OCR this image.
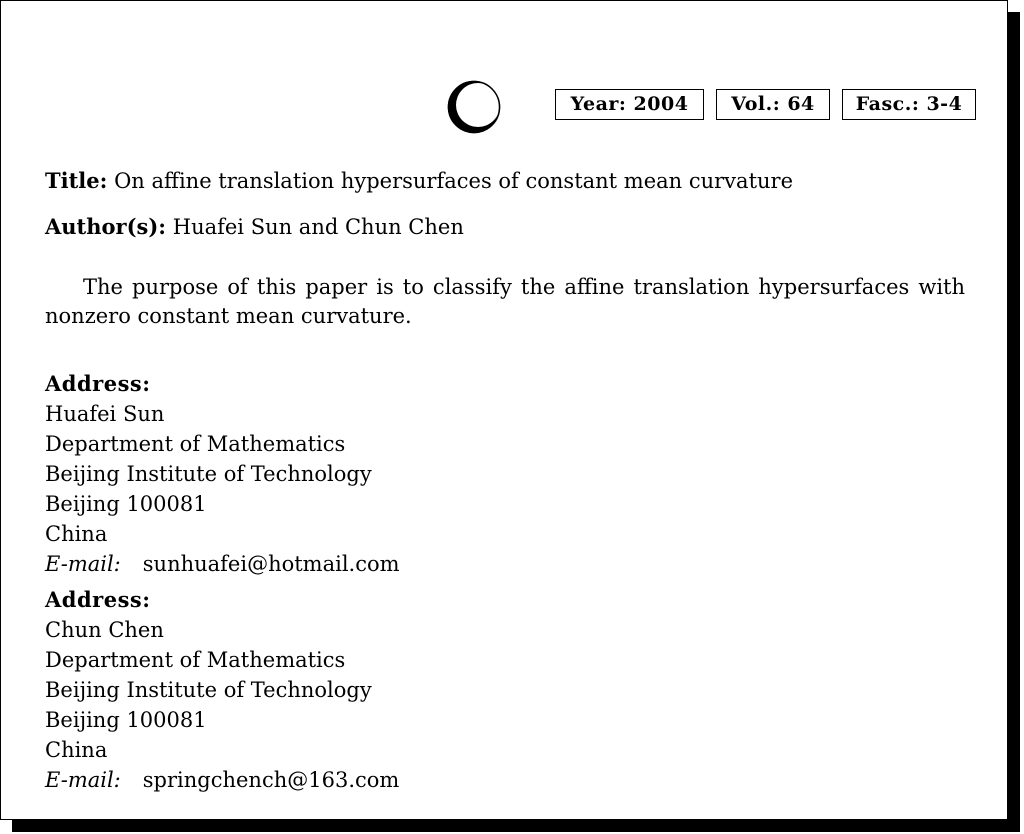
Year: 2004	Vol.: 64	Fasc.: 3-4
Title: On affine translation hypersurfaces of constant mean curvature
Author(s): Huafei Sun and Chun Chen
The purpose of this paper is to classify the affine translation hypersurfaces with nonzero constant mean curvature.
Address:
Huafei Sun
Department of Mathematics
Beijing Institute of Technology
Beijing 100081
China
E-mail: sunhuafei@hotmail.com
Address:
Chun Chen
Department of Mathematics
Beijing Institute of Technology
Beijing 100081
China
E-mail: springchench@163.com
